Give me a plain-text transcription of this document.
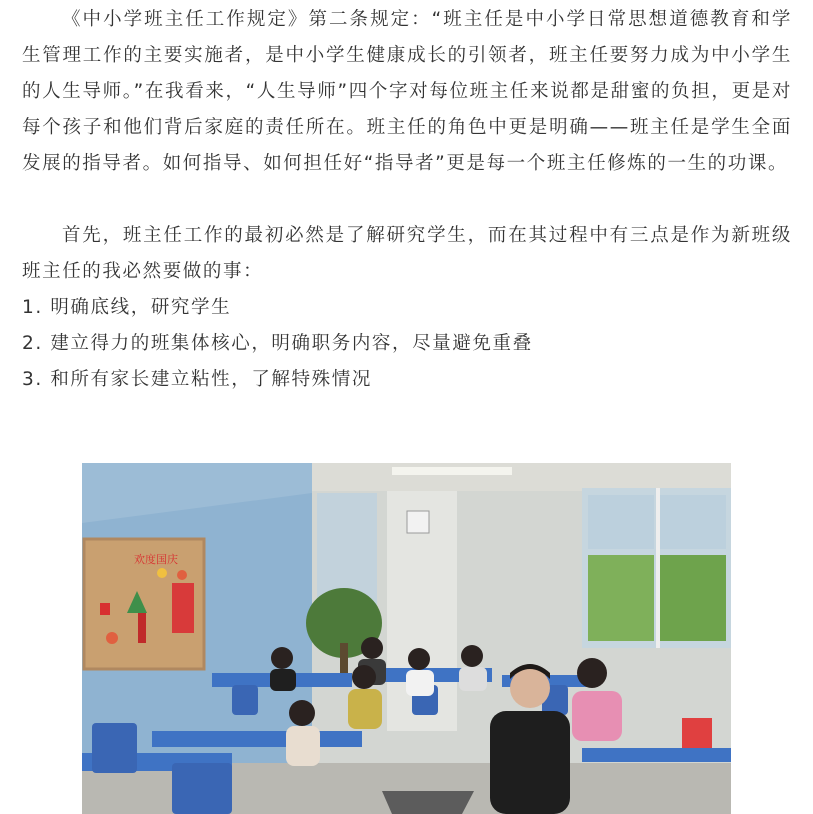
《中小学班主任工作规定》第二条规定：“班主任是中小学日常思想道德教育和学生管理工作的主要实施者，是中小学生健康成长的引领者，班主任要努力成为中小学生的人生导师。”在我看来，“人生导师”四个字对每位班主任来说都是甜蜜的负担，更是对每个孩子和他们背后家庭的责任所在。班主任的角色中更是明确——班主任是学生全面发展的指导者。如何指导、如何担任好“指导者”更是每一个班主任修炼的一生的功课。

首先，班主任工作的最初必然是了解研究学生，而在其过程中有三点是作为新班级班主任的我必然要做的事：

1. 明确底线，研究学生
2. 建立得力的班集体核心，明确职务内容，尽量避免重叠
3. 和所有家长建立粘性，了解特殊情况
欢度国庆
